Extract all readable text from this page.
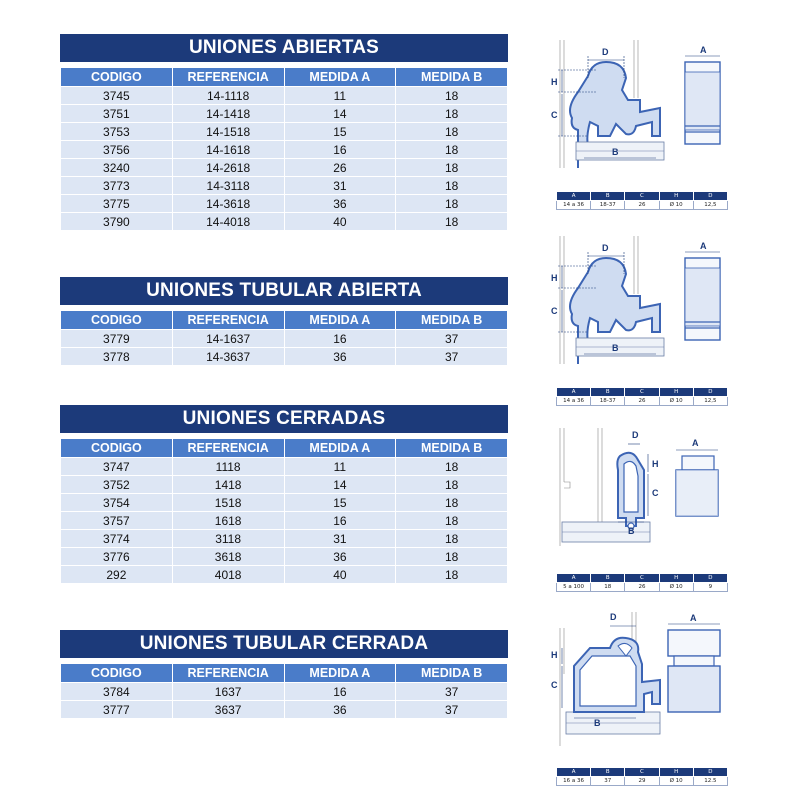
UNIONES ABIERTAS
CODIGO	REFERENCIA	MEDIDA A	MEDIDA B
3745	14-1118	11	18
3751	14-1418	14	18
3753	14-1518	15	18
3756	14-1618	16	18
3240	14-2618	26	18
3773	14-3118	31	18
3775	14-3618	36	18
3790	14-4018	40	18
UNIONES TUBULAR ABIERTA
CODIGO	REFERENCIA	MEDIDA A	MEDIDA B
3779	14-1637	16	37
3778	14-3637	36	37
UNIONES CERRADAS
CODIGO	REFERENCIA	MEDIDA A	MEDIDA B
3747	1118	11	18
3752	1418	14	18
3754	1518	15	18
3757	1618	16	18
3774	3118	31	18
3776	3618	36	18
292	4018	40	18
UNIONES TUBULAR CERRADA
CODIGO	REFERENCIA	MEDIDA A	MEDIDA B
3784	1637	16	37
3777	3637	36	37
D
H
C
B
A
A	B	C	H	D
14 a 36	18-37	26	Ø 10	12,5
D
H
C
B
A
A	B	C	H	D
14 a 36	18-37	26	Ø 10	12,5
D
H
C
B
A
A	B	C	H	D
5 a 100	18	26	Ø 10	9
D
H
C
B
A
A	B	C	H	D
16 a 36	37	29	Ø 10	12.5
